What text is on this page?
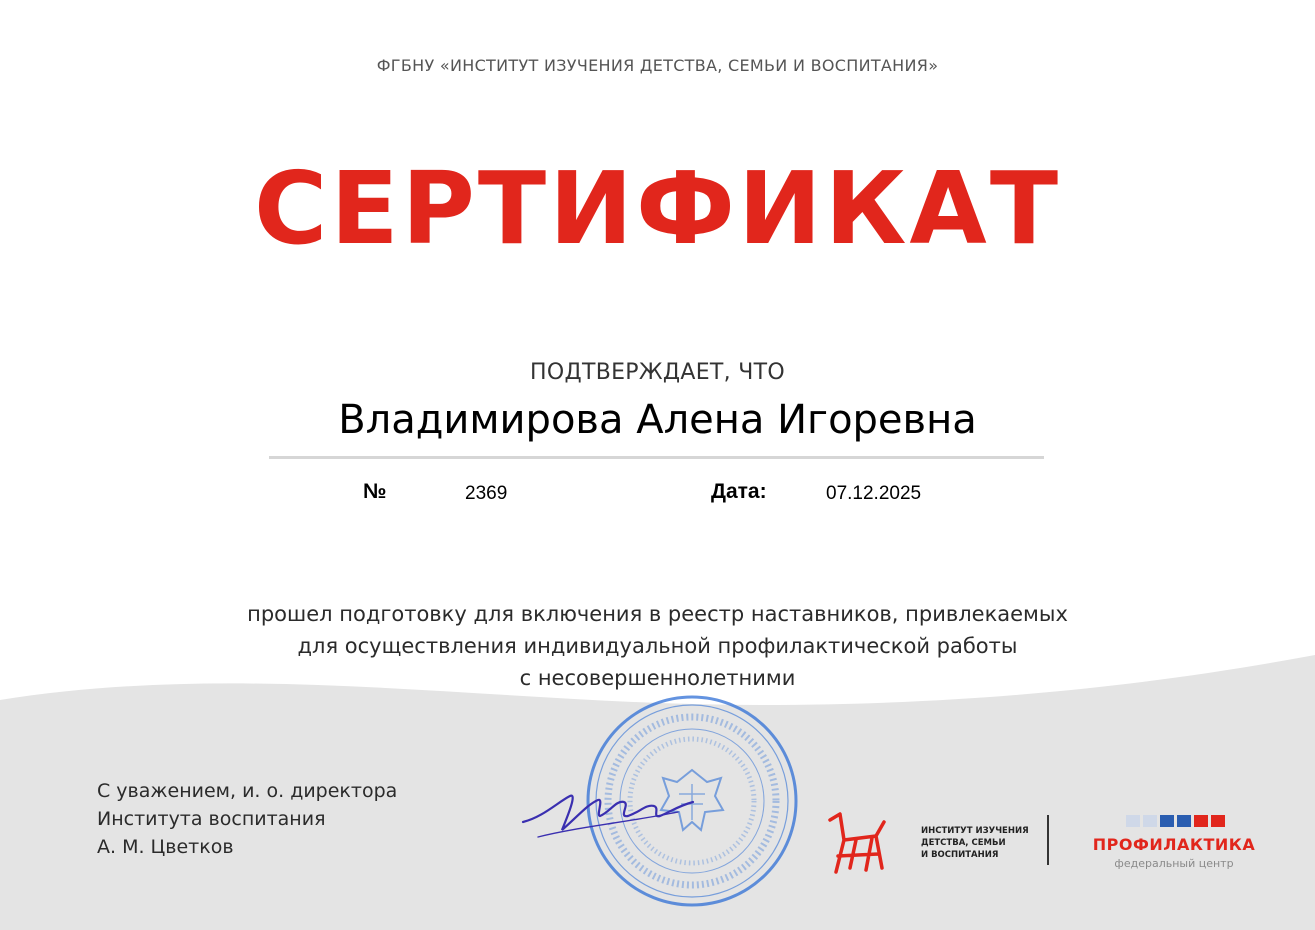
ФГБНУ «ИНСТИТУТ ИЗУЧЕНИЯ ДЕТСТВА, СЕМЬИ И ВОСПИТАНИЯ»
СЕРТИФИКАТ
ПОДТВЕРЖДАЕТ, ЧТО
Владимирова Алена Игоревна
№	2369	Дата:	07.12.2025
прошел подготовку для включения в реестр наставников, привлекаемых
для осуществления индивидуальной профилактической работы
с несовершеннолетними
С уважением, и. о. директора
Института воспитания
А. М. Цветков
ИНСТИТУТ ИЗУЧЕНИЯ
ДЕТСТВА, СЕМЬИ
И ВОСПИТАНИЯ
ПРОФИЛАКТИКА
федеральный центр
